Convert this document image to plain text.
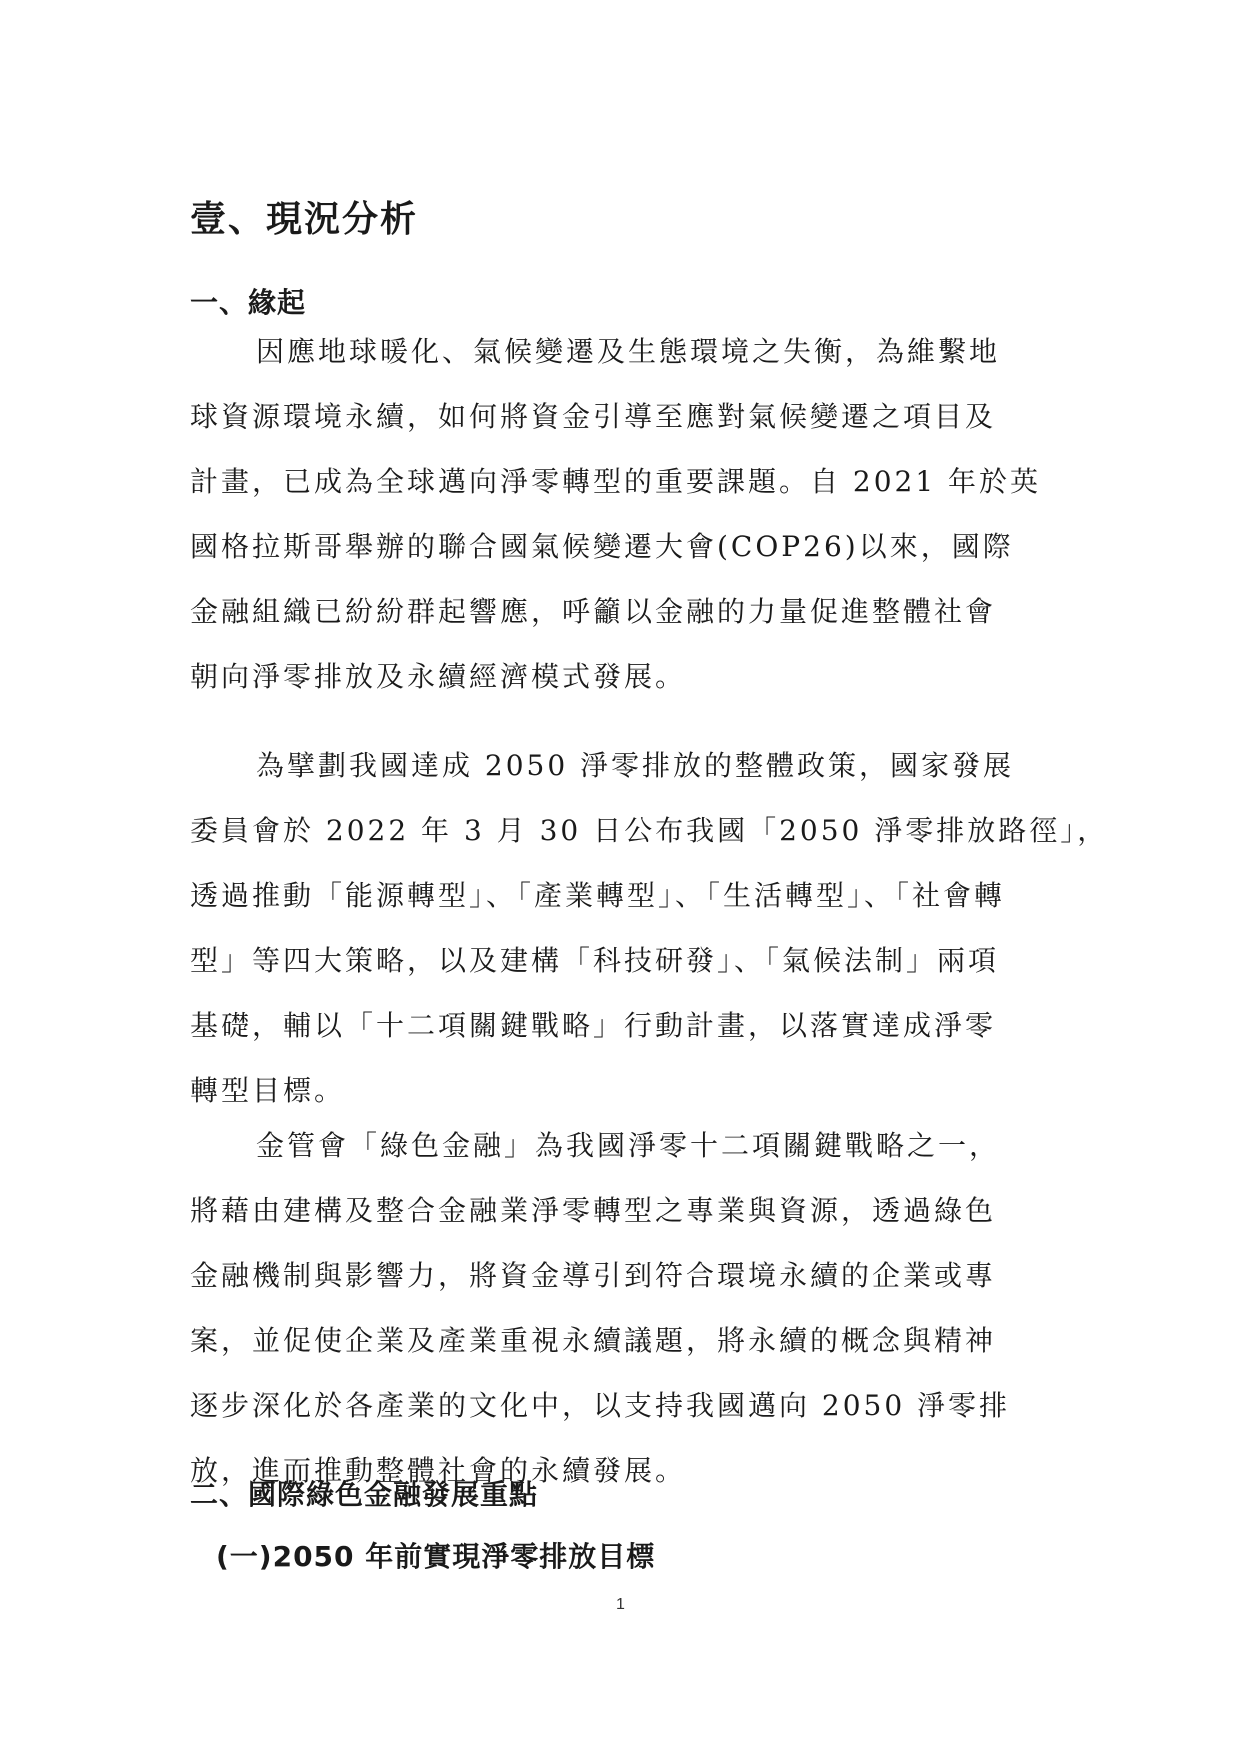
壹、現況分析
一、緣起
因應地球暖化、氣候變遷及生態環境之失衡，為維繫地
球資源環境永續，如何將資金引導至應對氣候變遷之項目及
計畫，已成為全球邁向淨零轉型的重要課題。自 2021 年於英
國格拉斯哥舉辦的聯合國氣候變遷大會(COP26)以來，國際
金融組織已紛紛群起響應，呼籲以金融的力量促進整體社會
朝向淨零排放及永續經濟模式發展。
為擘劃我國達成 2050 淨零排放的整體政策，國家發展
委員會於 2022 年 3 月 30 日公布我國「2050 淨零排放路徑」，
透過推動「能源轉型」、「產業轉型」、「生活轉型」、「社會轉
型」等四大策略，以及建構「科技研發」、「氣候法制」兩項
基礎，輔以「十二項關鍵戰略」行動計畫，以落實達成淨零
轉型目標。
金管會「綠色金融」為我國淨零十二項關鍵戰略之一，
將藉由建構及整合金融業淨零轉型之專業與資源，透過綠色
金融機制與影響力，將資金導引到符合環境永續的企業或專
案，並促使企業及產業重視永續議題，將永續的概念與精神
逐步深化於各產業的文化中，以支持我國邁向 2050 淨零排
放，進而推動整體社會的永續發展。
二、國際綠色金融發展重點
(一)2050 年前實現淨零排放目標
1
